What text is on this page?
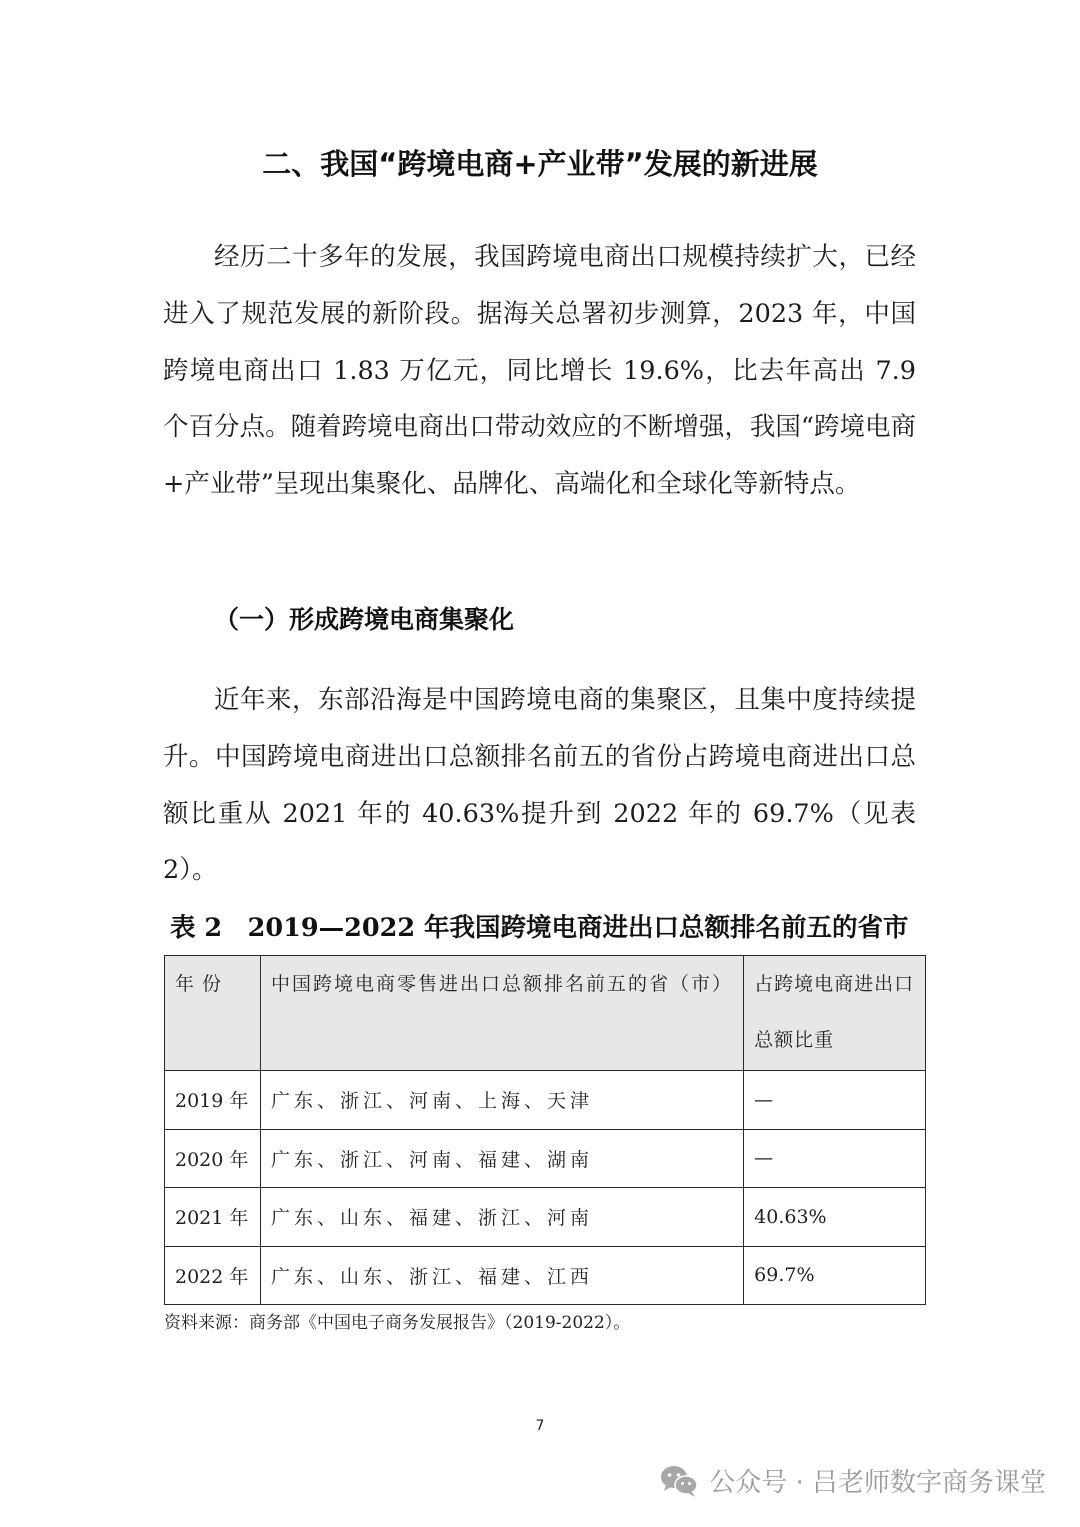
二、我国“跨境电商+产业带”发展的新进展

经历二十多年的发展，我国跨境电商出口规模持续扩大，已经进入了规范发展的新阶段。据海关总署初步测算，2023 年，中国跨境电商出口 1.83 万亿元，同比增长 19.6%，比去年高出 7.9 个百分点。随着跨境电商出口带动效应的不断增强，我国“跨境电商+产业带”呈现出集聚化、品牌化、高端化和全球化等新特点。

（一）形成跨境电商集聚化

近年来，东部沿海是中国跨境电商的集聚区，且集中度持续提升。中国跨境电商进出口总额排名前五的省份占跨境电商进出口总额比重从 2021 年的 40.63%提升到 2022 年的 69.7%（见表 2）。

表 2　2019—2022 年我国跨境电商进出口总额排名前五的省市
年 份	中国跨境电商零售进出口总额排名前五的省（市）	占跨境电商进出口总额比重
2019 年	广东、浙江、河南、上海、天津	—
2020 年	广东、浙江、河南、福建、湖南	—
2021 年	广东、山东、福建、浙江、河南	40.63%
2022 年	广东、山东、浙江、福建、江西	69.7%
资料来源：商务部《中国电子商务发展报告》（2019-2022）。
7
公众号 · 吕老师数字商务课堂
